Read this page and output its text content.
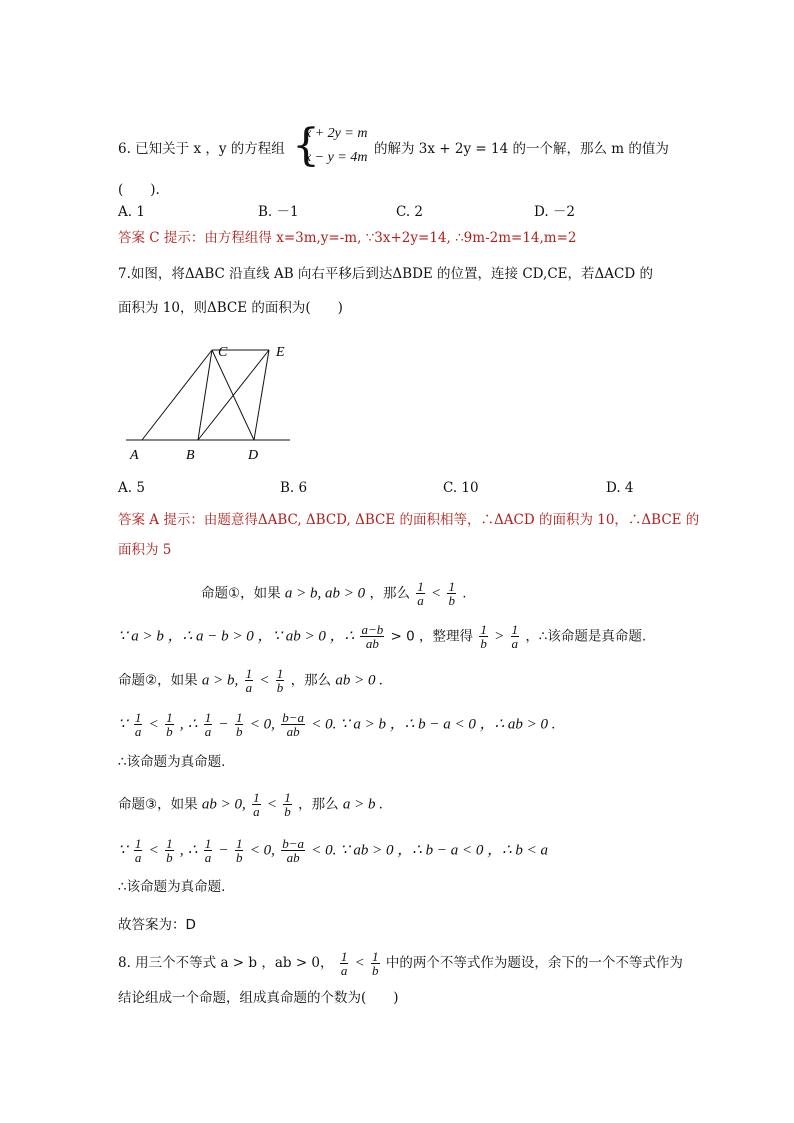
6. 已知关于 x ，y 的方程组 {
x + 2y = m
x − y = 4m
的解为 3x + 2y = 14 的一个解，那么 m 的值为
(　　).
A. 1	B. －1	C. 2	D. －2
答案 C 提示：由方程组得 x=3m,y=-m, ∵3x+2y=14, ∴9m-2m=14,m=2
7.如图，将ΔABC 沿直线 AB 向右平移后到达ΔBDE 的位置，连接 CD,CE，若ΔACD 的
面积为 10，则ΔBCE 的面积为(　　)
A	B
C
D
E
A. 5	B. 6	C. 10	D. 4
答案 A 提示：由题意得ΔABC, ΔBCD, ΔBCE 的面积相等，∴ΔACD 的面积为 10，∴ΔBCE 的
面积为 5
命题①，如果 a > b, ab > 0 ，那么 $\frac{1}{a} < \frac{1}{b}$ .
∵ a > b ，∴ a − b > 0 ，∵ ab > 0 ，∴ $\frac{a-b}{ab} > 0$ ，整理得 $\frac{1}{b} > \frac{1}{a}$ ，∴该命题是真命题.
命题②，如果 a > b, $\frac{1}{a} < \frac{1}{b}$ ，那么 ab > 0 .
∵ $\frac{1}{a} < \frac{1}{b}$ , ∴ $\frac{1}{a} - \frac{1}{b} < 0$, $\frac{b-a}{ab} < 0$. ∵ a > b ，∴ b − a < 0 ，∴ ab > 0 .
∴该命题为真命题.
命题③，如果 ab > 0, $\frac{1}{a} < \frac{1}{b}$ ，那么 a > b .
∵ $\frac{1}{a} < \frac{1}{b}$ , ∴ $\frac{1}{a} - \frac{1}{b} < 0$, $\frac{b-a}{ab} < 0$. ∵ ab > 0 ，∴ b − a < 0 ，∴ b < a
∴该命题为真命题.
故答案为：D
8. 用三个不等式 a > b ，ab > 0， $\frac{1}{a} < \frac{1}{b}$ 中的两个不等式作为题设，余下的一个不等式作为
结论组成一个命题，组成真命题的个数为(　　)
